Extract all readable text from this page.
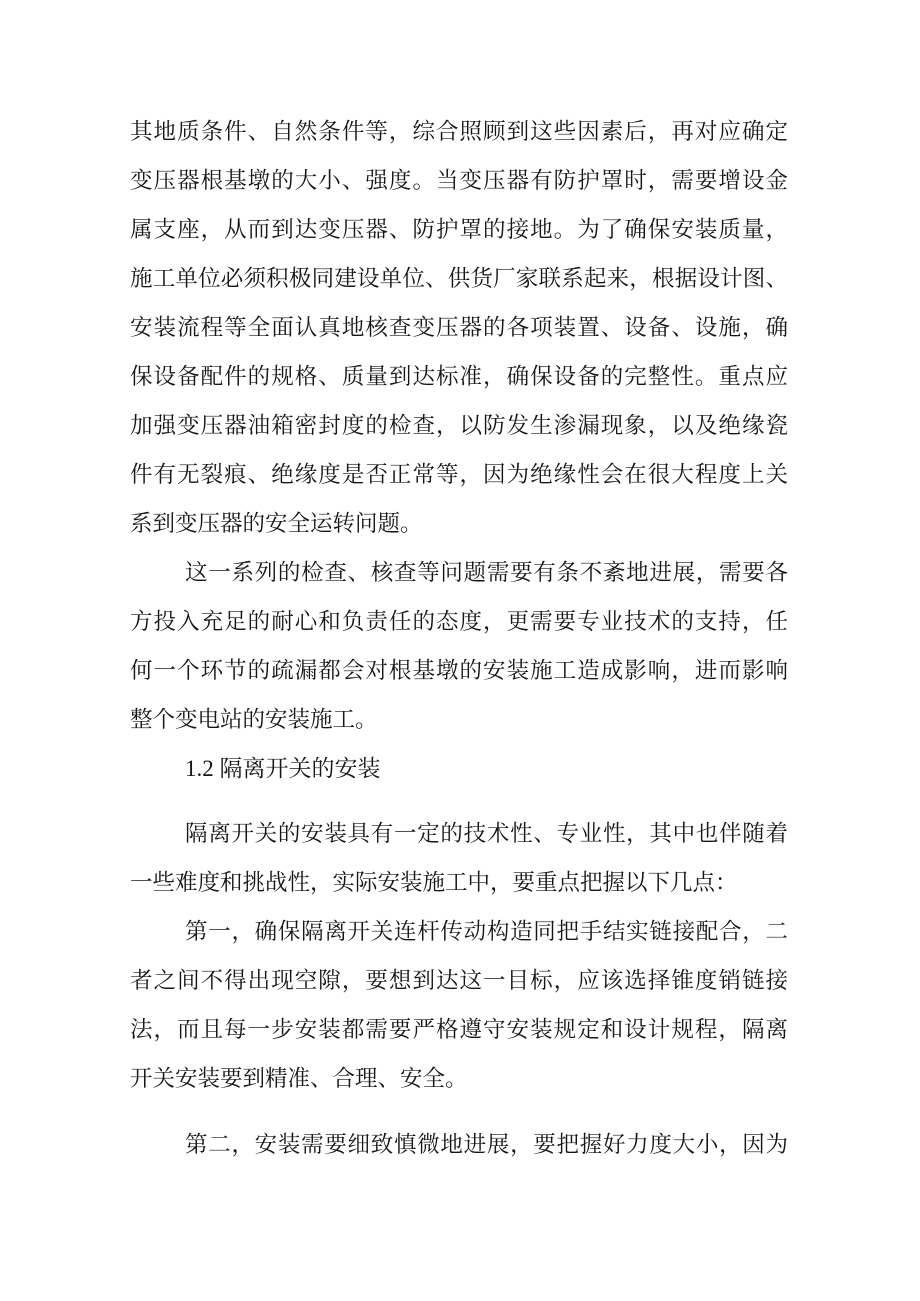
其地质条件、自然条件等，综合照顾到这些因素后，再对应确定
变压器根基墩的大小、强度。当变压器有防护罩时，需要增设金
属支座，从而到达变压器、防护罩的接地。为了确保安装质量，
施工单位必须积极同建设单位、供货厂家联系起来，根据设计图、
安装流程等全面认真地核查变压器的各项装置、设备、设施，确
保设备配件的规格、质量到达标准，确保设备的完整性。重点应
加强变压器油箱密封度的检查，以防发生渗漏现象，以及绝缘瓷
件有无裂痕、绝缘度是否正常等，因为绝缘性会在很大程度上关
系到变压器的安全运转问题。
这一系列的检查、核查等问题需要有条不紊地进展，需要各
方投入充足的耐心和负责任的态度，更需要专业技术的支持，任
何一个环节的疏漏都会对根基墩的安装施工造成影响，进而影响
整个变电站的安装施工。
1.2 隔离开关的安装
隔离开关的安装具有一定的技术性、专业性，其中也伴随着
一些难度和挑战性，实际安装施工中，要重点把握以下几点：
第一，确保隔离开关连杆传动构造同把手结实链接配合，二
者之间不得出现空隙，要想到达这一目标，应该选择锥度销链接
法，而且每一步安装都需要严格遵守安装规定和设计规程，隔离
开关安装要到精准、合理、安全。
第二，安装需要细致慎微地进展，要把握好力度大小，因为
